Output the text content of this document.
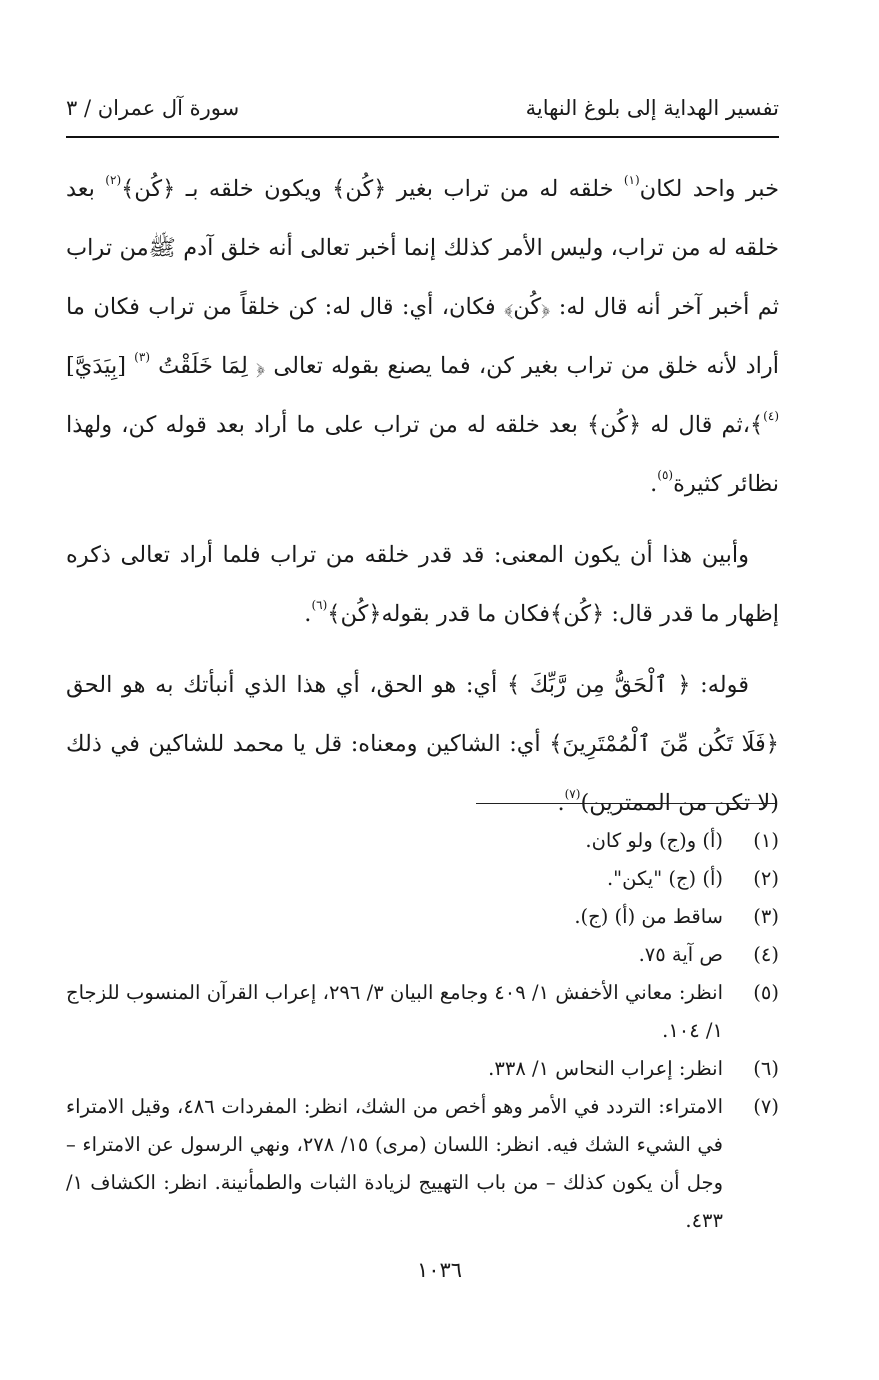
تفسير الهداية إلى بلوغ النهاية
سورة آل عمران / ٣

خبر واحد لكان$^{(١)}$ خلقه له من تراب بغير ﴿كُن﴾ ويكون خلقه بـ ﴿كُن﴾$^{(٢)}$ بعد خلقه له من تراب، وليس الأمر كذلك إنما أخبر تعالى أنه خلق آدم ﷺمن تراب ثم أخبر آخر أنه قال له: ﴿كُن﴾ فكان، أي: قال له: كن خلقاً من تراب فكان ما أراد لأنه خلق من تراب بغير كن، فما يصنع بقوله تعالى ﴿ لِمَا خَلَقْتُ $^{(٣)}$ [بِيَدَيَّ]$^{(٤)}$﴾،ثم قال له ﴿كُن﴾ بعد خلقه له من تراب على ما أراد بعد قوله كن، ولهذا نظائر كثيرة$^{(٥)}$.

وأبين هذا أن يكون المعنى: قد قدر خلقه من تراب فلما أراد تعالى ذكره إظهار ما قدر قال: ﴿كُن﴾فكان ما قدر بقوله﴿كُن﴾$^{(٦)}$.

قوله: ﴿ ٱلْحَقُّ مِن رَّبِّكَ ﴾ أي: هو الحق، أي هذا الذي أنبأتك به هو الحق ﴿فَلَا تَكُن مِّنَ ٱلْمُمْتَرِينَ﴾ أي: الشاكين ومعناه: قل يا محمد للشاكين في ذلك (لا تكن من الممترين)$^{(٧)}$.

(١)
(أ) و(ج) ولو كان.
(٢)
(أ) (ج) "يكن".
(٣)
ساقط من (أ) (ج).
(٤)
ص آية ٧٥.
(٥)
انظر: معاني الأخفش ١/ ٤٠٩ وجامع البيان ٣/ ٢٩٦، إعراب القرآن المنسوب للزجاج ١/ ١٠٤.
(٦)
انظر: إعراب النحاس ١/ ٣٣٨.
(٧)
الامتراء: التردد في الأمر وهو أخص من الشك، انظر: المفردات ٤٨٦، وقيل الامتراء في الشيء الشك فيه. انظر: اللسان (مرى) ١٥/ ٢٧٨، ونهي الرسول عن الامتراء – وجل أن يكون كذلك – من باب التهييج لزيادة الثبات والطمأنينة. انظر: الكشاف ١/ ٤٣٣.
١٠٣٦
